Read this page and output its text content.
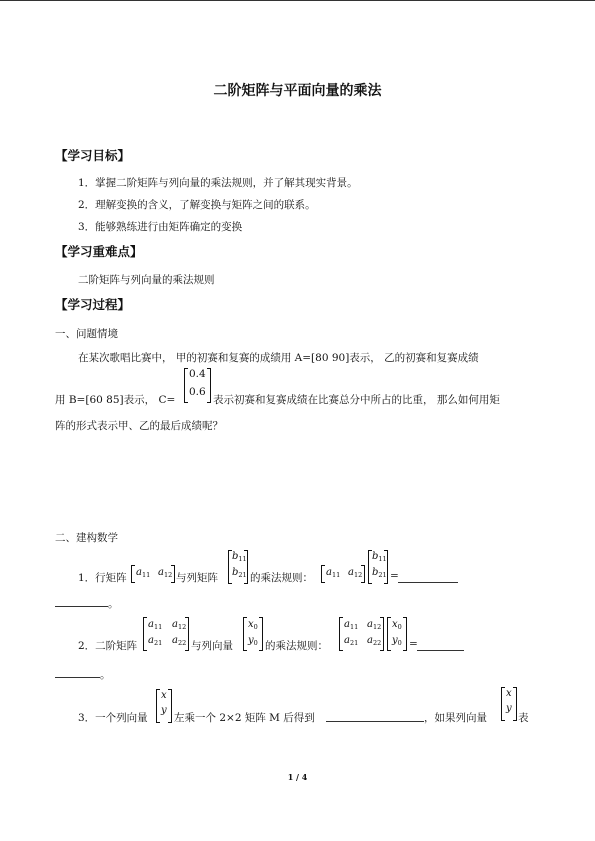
二阶矩阵与平面向量的乘法
【学习目标】
1．掌握二阶矩阵与列向量的乘法规则，并了解其现实背景。
2．理解变换的含义，了解变换与矩阵之间的联系。
3．能够熟练进行由矩阵确定的变换
【学习重难点】
二阶矩阵与列向量的乘法规则
【学习过程】
一、问题情境
在某次歌唱比赛中， 甲的初赛和复赛的成绩用 A=[80 90]表示， 乙的初赛和复赛成绩
用 B=[60 85]表示， C=
0.4
0.6
表示初赛和复赛成绩在比赛总分中所占的比重， 那么如何用矩
阵的形式表示甲、乙的最后成绩呢？
二、建构数学
1．行矩阵 $a_{11}$ $a_{12}$ 与列矩阵
$b_{11}$
$b_{21}$ 的乘法规则： $a_{11}$ $a_{12}$
$b_{11}$
$b_{21}$ =
。
2．二阶矩阵
$a_{11}$ $a_{12}$
$a_{21}$ $a_{22}$ 与列向量
$x_0$
$y_0$ 的乘法规则：
$a_{11}$ $a_{12}$
$a_{21}$ $a_{22}$
$x_0$
$y_0$ =
。
3．一个列向量
x
y
左乘一个 2×2 矩阵 M 后得到	，如果列向量
x
y
表
1 / 4
